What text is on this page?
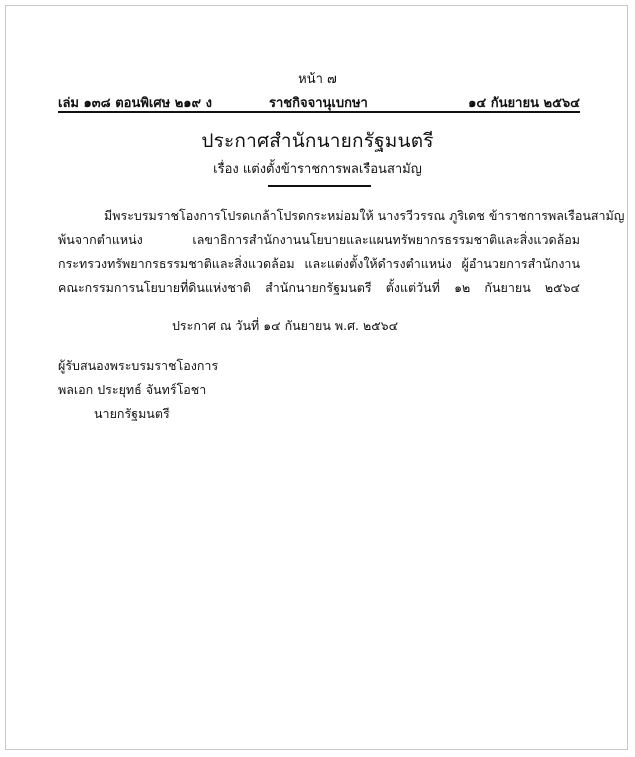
หน้า ๗
เล่ม ๑๓๘ ตอนพิเศษ ๒๑๙ ง	ราชกิจจานุเบกษา	๑๔ กันยายน ๒๕๖๔
ประกาศสำนักนายกรัฐมนตรี
เรื่อง แต่งตั้งข้าราชการพลเรือนสามัญ
มีพระบรมราชโองการโปรดเกล้าโปรดกระหม่อมให้ นางรวีวรรณ ภูริเดช ข้าราชการพลเรือนสามัญ
พ้นจากตำแหน่ง เลขาธิการสำนักงานนโยบายและแผนทรัพยากรธรรมชาติและสิ่งแวดล้อม
กระทรวงทรัพยากรธรรมชาติและสิ่งแวดล้อม และแต่งตั้งให้ดำรงตำแหน่ง ผู้อำนวยการสำนักงาน
คณะกรรมการนโยบายที่ดินแห่งชาติ สำนักนายกรัฐมนตรี ตั้งแต่วันที่ ๑๒ กันยายน ๒๕๖๔
ประกาศ ณ วันที่ ๑๔ กันยายน พ.ศ. ๒๕๖๔
ผู้รับสนองพระบรมราชโองการ
พลเอก ประยุทธ์ จันทร์โอชา
นายกรัฐมนตรี
